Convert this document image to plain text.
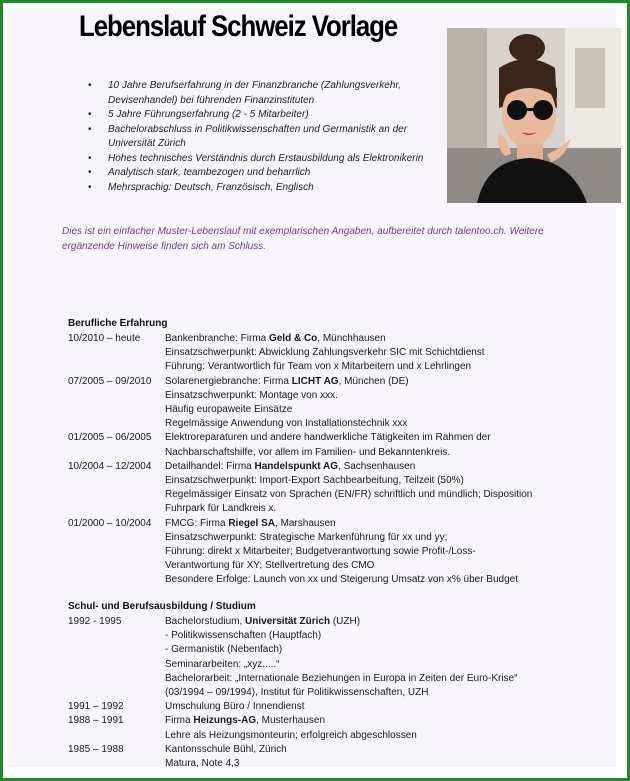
Lebenslauf Schweiz Vorlage
• 10 Jahre Berufserfahrung in der Finanzbranche (Zahlungsverkehr, Devisenhandel) bei führenden Finanzinstituten
• 5 Jahre Führungserfahrung (2 - 5 Mitarbeiter)
• Bachelorabschluss in Politikwissenschaften und Germanistik an der Universität Zürich
• Hohes technisches Verständnis durch Erstausbildung als Elektronikerin
• Analytisch stark, teambezogen und beharrlich
• Mehrsprachig: Deutsch, Französisch, Englisch
Dies ist ein einfacher Muster-Lebenslauf mit exemplarischen Angaben, aufbereitet durch talentoo.ch. Weitere ergänzende Hinweise finden sich am Schluss.
Berufliche Erfahrung
10/2010 – heute	Bankenbranche: Firma Geld & Co, Münchhausen
Einsatzschwerpunkt: Abwicklung Zahlungsverkehr SIC mit Schichtdienst
Führung: Verantwortlich für Team von x Mitarbeitern und x Lehrlingen
07/2005 – 09/2010	Solarenergiebranche: Firma LICHT AG, München (DE)
Einsatzschwerpunkt: Montage von xxx.
Häufig europaweite Einsätze
Regelmässige Anwendung von Installationstechnik xxx
01/2005 – 06/2005	Elektroreparaturen und andere handwerkliche Tätigkeiten im Rahmen der
Nachbarschaftshilfe, vor allem im Familien- und Bekanntenkreis.
10/2004 – 12/2004	Detailhandel: Firma Handelspunkt AG, Sachsenhausen
Einsatzschwerpunkt: Import-Export Sachbearbeitung, Teilzeit (50%)
Regelmässiger Einsatz von Sprachen (EN/FR) schriftlich und mündlich; Disposition
Fuhrpark für Landkreis x.
01/2000 – 10/2004	FMCG: Firma Riegel SA, Marshausen
Einsatzschwerpunkt: Strategische Markenführung für xx und yy;
Führung: direkt x Mitarbeiter; Budgetverantwortung sowie Profit-/Loss-
Verantwortung für XY; Stellvertretung des CMO
Besondere Erfolge: Launch von xx und Steigerung Umsatz von x% über Budget
Schul- und Berufsausbildung / Studium
1992 - 1995	Bachelorstudium, Universität Zürich (UZH)
- Politikwissenschaften (Hauptfach)
- Germanistik (Nebenfach)
Seminararbeiten: „xyz.....“
Bachelorarbeit: „Internationale Beziehungen in Europa in Zeiten der Euro-Krise“
(03/1994 – 09/1994), Institut für Politikwissenschaften, UZH
1991 – 1992	Umschulung Büro / Innendienst
1988 – 1991	Firma Heizungs-AG, Musterhausen
Lehre als Heizungsmonteurin; erfolgreich abgeschlossen
1985 – 1988	Kantonsschule Bühl, Zürich
Matura, Note 4,3
